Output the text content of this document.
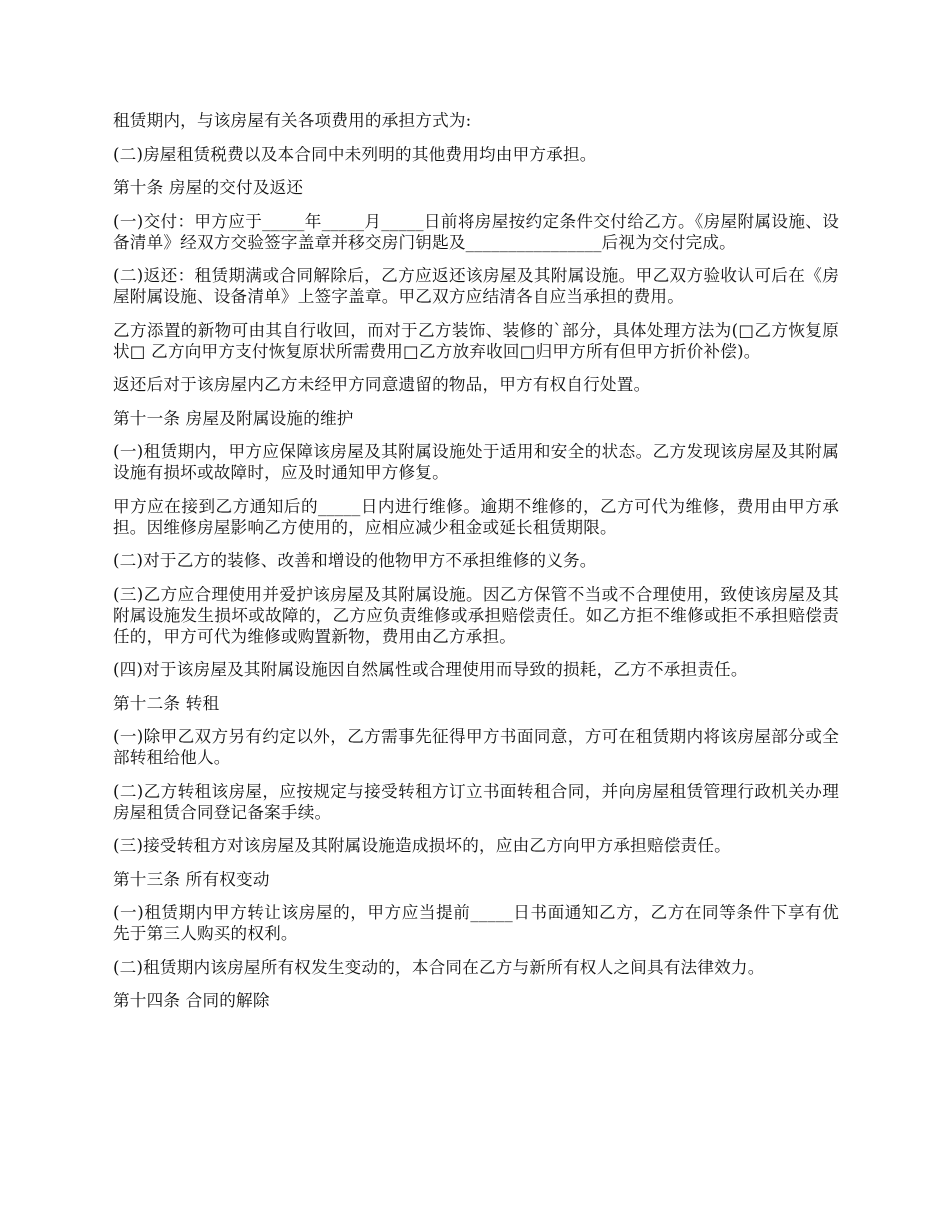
租赁期内，与该房屋有关各项费用的承担方式为:

(二)房屋租赁税费以及本合同中未列明的其他费用均由甲方承担。

第十条 房屋的交付及返还

(一)交付：甲方应于_____年_____月_____日前将房屋按约定条件交付给乙方。《房屋附属设施、设备清单》经双方交验签字盖章并移交房门钥匙及________________后视为交付完成。

(二)返还：租赁期满或合同解除后，乙方应返还该房屋及其附属设施。甲乙双方验收认可后在《房屋附属设施、设备清单》上签字盖章。甲乙双方应结清各自应当承担的费用。

乙方添置的新物可由其自行收回，而对于乙方装饰、装修的`部分，具体处理方法为(□乙方恢复原状□ 乙方向甲方支付恢复原状所需费用□乙方放弃收回□归甲方所有但甲方折价补偿)。

返还后对于该房屋内乙方未经甲方同意遗留的物品，甲方有权自行处置。

第十一条 房屋及附属设施的维护

(一)租赁期内，甲方应保障该房屋及其附属设施处于适用和安全的状态。乙方发现该房屋及其附属设施有损坏或故障时，应及时通知甲方修复。

甲方应在接到乙方通知后的_____日内进行维修。逾期不维修的，乙方可代为维修，费用由甲方承担。因维修房屋影响乙方使用的，应相应减少租金或延长租赁期限。

(二)对于乙方的装修、改善和增设的他物甲方不承担维修的义务。

(三)乙方应合理使用并爱护该房屋及其附属设施。因乙方保管不当或不合理使用，致使该房屋及其附属设施发生损坏或故障的，乙方应负责维修或承担赔偿责任。如乙方拒不维修或拒不承担赔偿责任的，甲方可代为维修或购置新物，费用由乙方承担。

(四)对于该房屋及其附属设施因自然属性或合理使用而导致的损耗，乙方不承担责任。

第十二条 转租

(一)除甲乙双方另有约定以外，乙方需事先征得甲方书面同意，方可在租赁期内将该房屋部分或全部转租给他人。

(二)乙方转租该房屋，应按规定与接受转租方订立书面转租合同，并向房屋租赁管理行政机关办理房屋租赁合同登记备案手续。

(三)接受转租方对该房屋及其附属设施造成损坏的，应由乙方向甲方承担赔偿责任。

第十三条 所有权变动

(一)租赁期内甲方转让该房屋的，甲方应当提前_____日书面通知乙方，乙方在同等条件下享有优先于第三人购买的权利。

(二)租赁期内该房屋所有权发生变动的，本合同在乙方与新所有权人之间具有法律效力。

第十四条 合同的解除
